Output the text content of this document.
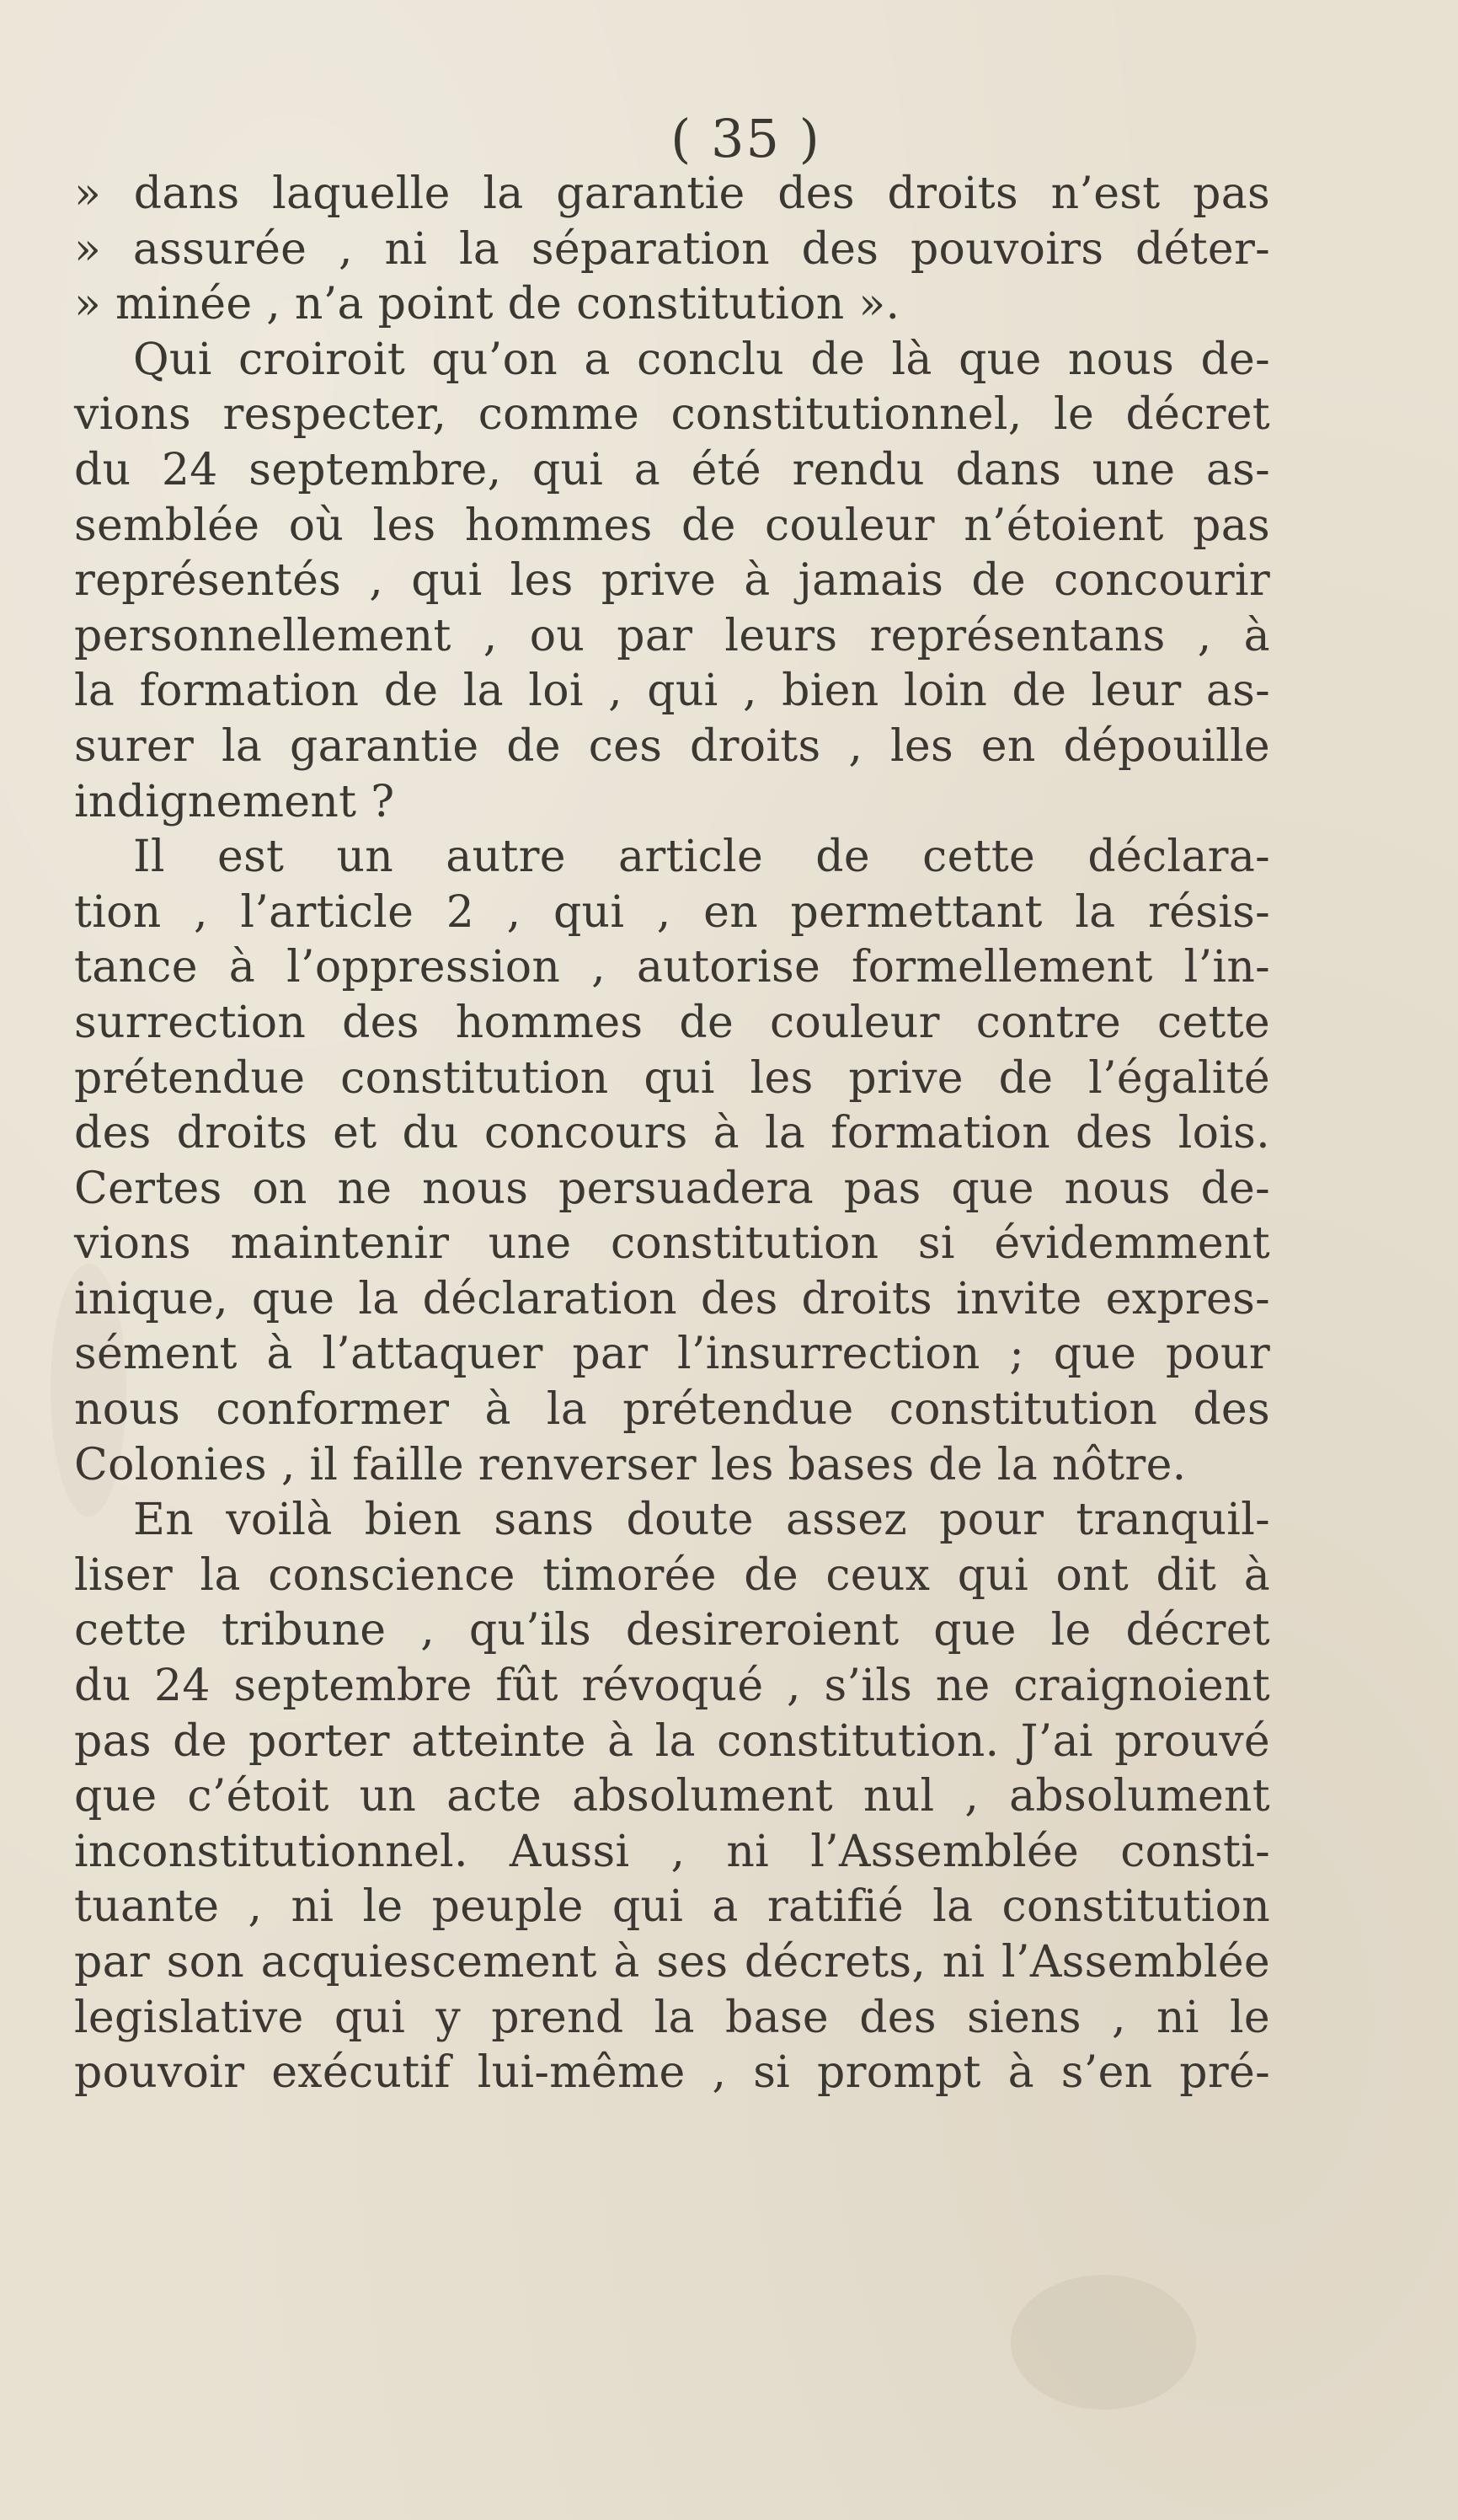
( 35 )
» dans laquelle la garantie des droits n’est pas
» assurée , ni la séparation des pouvoirs déter-
» minée , n’a point de constitution ».
Qui croiroit qu’on a conclu de là que nous de-
vions respecter, comme constitutionnel, le décret
du 24 septembre, qui a été rendu dans une as-
semblée où les hommes de couleur n’étoient pas
représentés , qui les prive à jamais de concourir
personnellement , ou par leurs représentans , à
la formation de la loi , qui , bien loin de leur as-
surer la garantie de ces droits , les en dépouille
indignement ?
Il est un autre article de cette déclara-
tion , l’article 2 , qui , en permettant la résis-
tance à l’oppression , autorise formellement l’in-
surrection des hommes de couleur contre cette
prétendue constitution qui les prive de l’égalité
des droits et du concours à la formation des lois.
Certes on ne nous persuadera pas que nous de-
vions maintenir une constitution si évidemment
inique, que la déclaration des droits invite expres-
sément à l’attaquer par l’insurrection ; que pour
nous conformer à la prétendue constitution des
Colonies , il faille renverser les bases de la nôtre.
En voilà bien sans doute assez pour tranquil-
liser la conscience timorée de ceux qui ont dit à
cette tribune , qu’ils desireroient que le décret
du 24 septembre fût révoqué , s’ils ne craignoient
pas de porter atteinte à la constitution. J’ai prouvé
que c’étoit un acte absolument nul , absolument
inconstitutionnel. Aussi , ni l’Assemblée consti-
tuante , ni le peuple qui a ratifié la constitution
par son acquiescement à ses décrets, ni l’Assemblée
legislative qui y prend la base des siens , ni le
pouvoir exécutif lui-même , si prompt à s’en pré-
